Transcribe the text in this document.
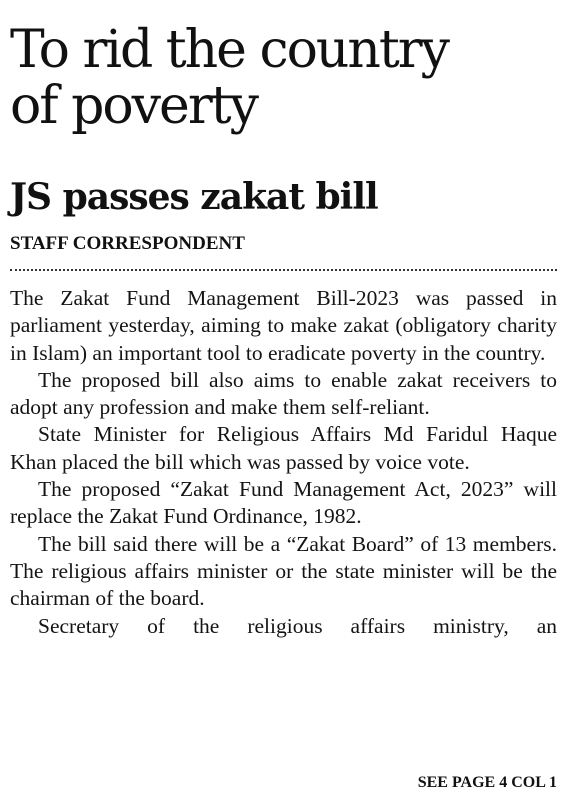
To rid the country
of poverty
JS passes zakat bill
STAFF CORRESPONDENT

The Zakat Fund Management Bill-2023 was passed in parliament yesterday, aiming to make zakat (obligatory charity in Islam) an important tool to eradicate poverty in the country.

The proposed bill also aims to enable zakat receivers to adopt any profession and make them self-reliant.

State Minister for Religious Affairs Md Faridul Haque Khan placed the bill which was passed by voice vote.

The proposed “Zakat Fund Management Act, 2023” will replace the Zakat Fund Ordinance, 1982.

The bill said there will be a “Zakat Board” of 13 members. The religious affairs minister or the state minister will be the chairman of the board.

Secretary of the religious affairs ministry, an

SEE PAGE 4 COL 1
